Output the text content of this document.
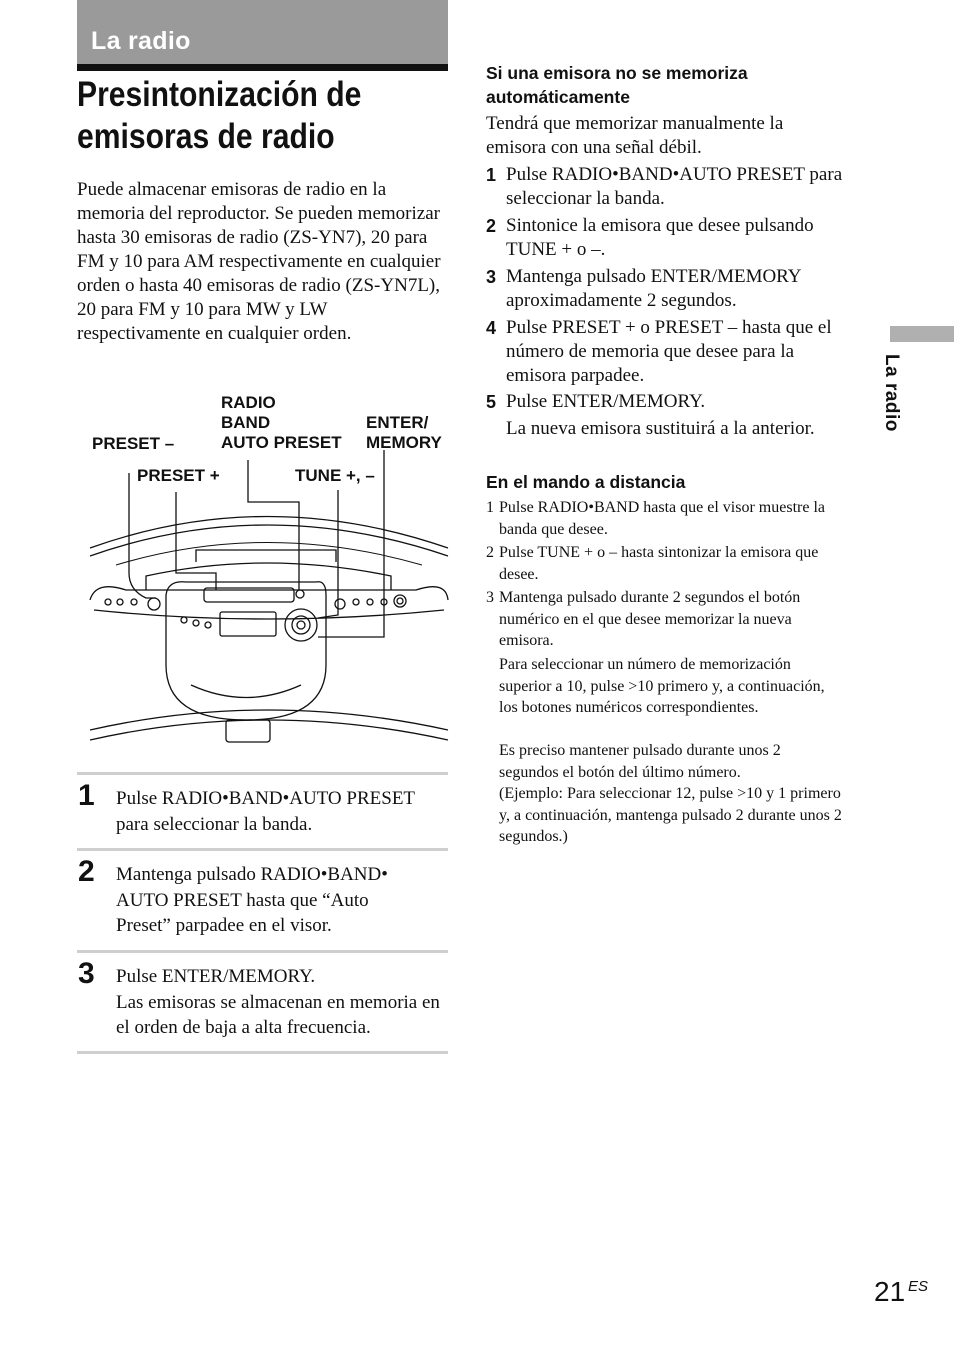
La radio
Presintonización de
emisoras de radio

Puede almacenar emisoras de radio en la memoria del reproductor. Se pueden memorizar hasta 30 emisoras de radio (ZS-YN7), 20 para FM y 10 para AM respectivamente en cualquier orden o hasta 40 emisoras de radio (ZS-YN7L), 20 para FM y 10 para MW y LW respectivamente en cualquier orden.

RADIO
BAND
AUTO PRESET
ENTER/
MEMORY
PRESET –
PRESET +	TUNE +, –
1 Pulse RADIO•BAND•AUTO PRESET para seleccionar la banda.

2 Mantenga pulsado RADIO•BAND• AUTO PRESET hasta que “Auto Preset” parpadee en el visor.

3 Pulse ENTER/MEMORY.
Las emisoras se almacenan en memoria en el orden de baja a alta frecuencia.

Si una emisora no se memoriza
automáticamente

Tendrá que memorizar manualmente la emisora con una señal débil.

1 Pulse RADIO•BAND•AUTO PRESET para seleccionar la banda.
2 Sintonice la emisora que desee pulsando TUNE + o –.
3 Mantenga pulsado ENTER/MEMORY aproximadamente 2 segundos.
4 Pulse PRESET + o PRESET – hasta que el número de memoria que desee para la emisora parpadee.
5 Pulse ENTER/MEMORY.

La nueva emisora sustituirá a la anterior.

En el mando a distancia
1 Pulse RADIO•BAND hasta que el visor muestre la banda que desee.
2 Pulse TUNE + o – hasta sintonizar la emisora que desee.
3 Mantenga pulsado durante 2 segundos el botón numérico en el que desee memorizar la nueva emisora.
Para seleccionar un número de memorización superior a 10, pulse >10 primero y, a continuación, los botones numéricos correspondientes.
Es preciso mantener pulsado durante unos 2 segundos el botón del último número.
(Ejemplo: Para seleccionar 12, pulse >10 y 1 primero y, a continuación, mantenga pulsado 2 durante unos 2 segundos.)
La radio
21 ES
